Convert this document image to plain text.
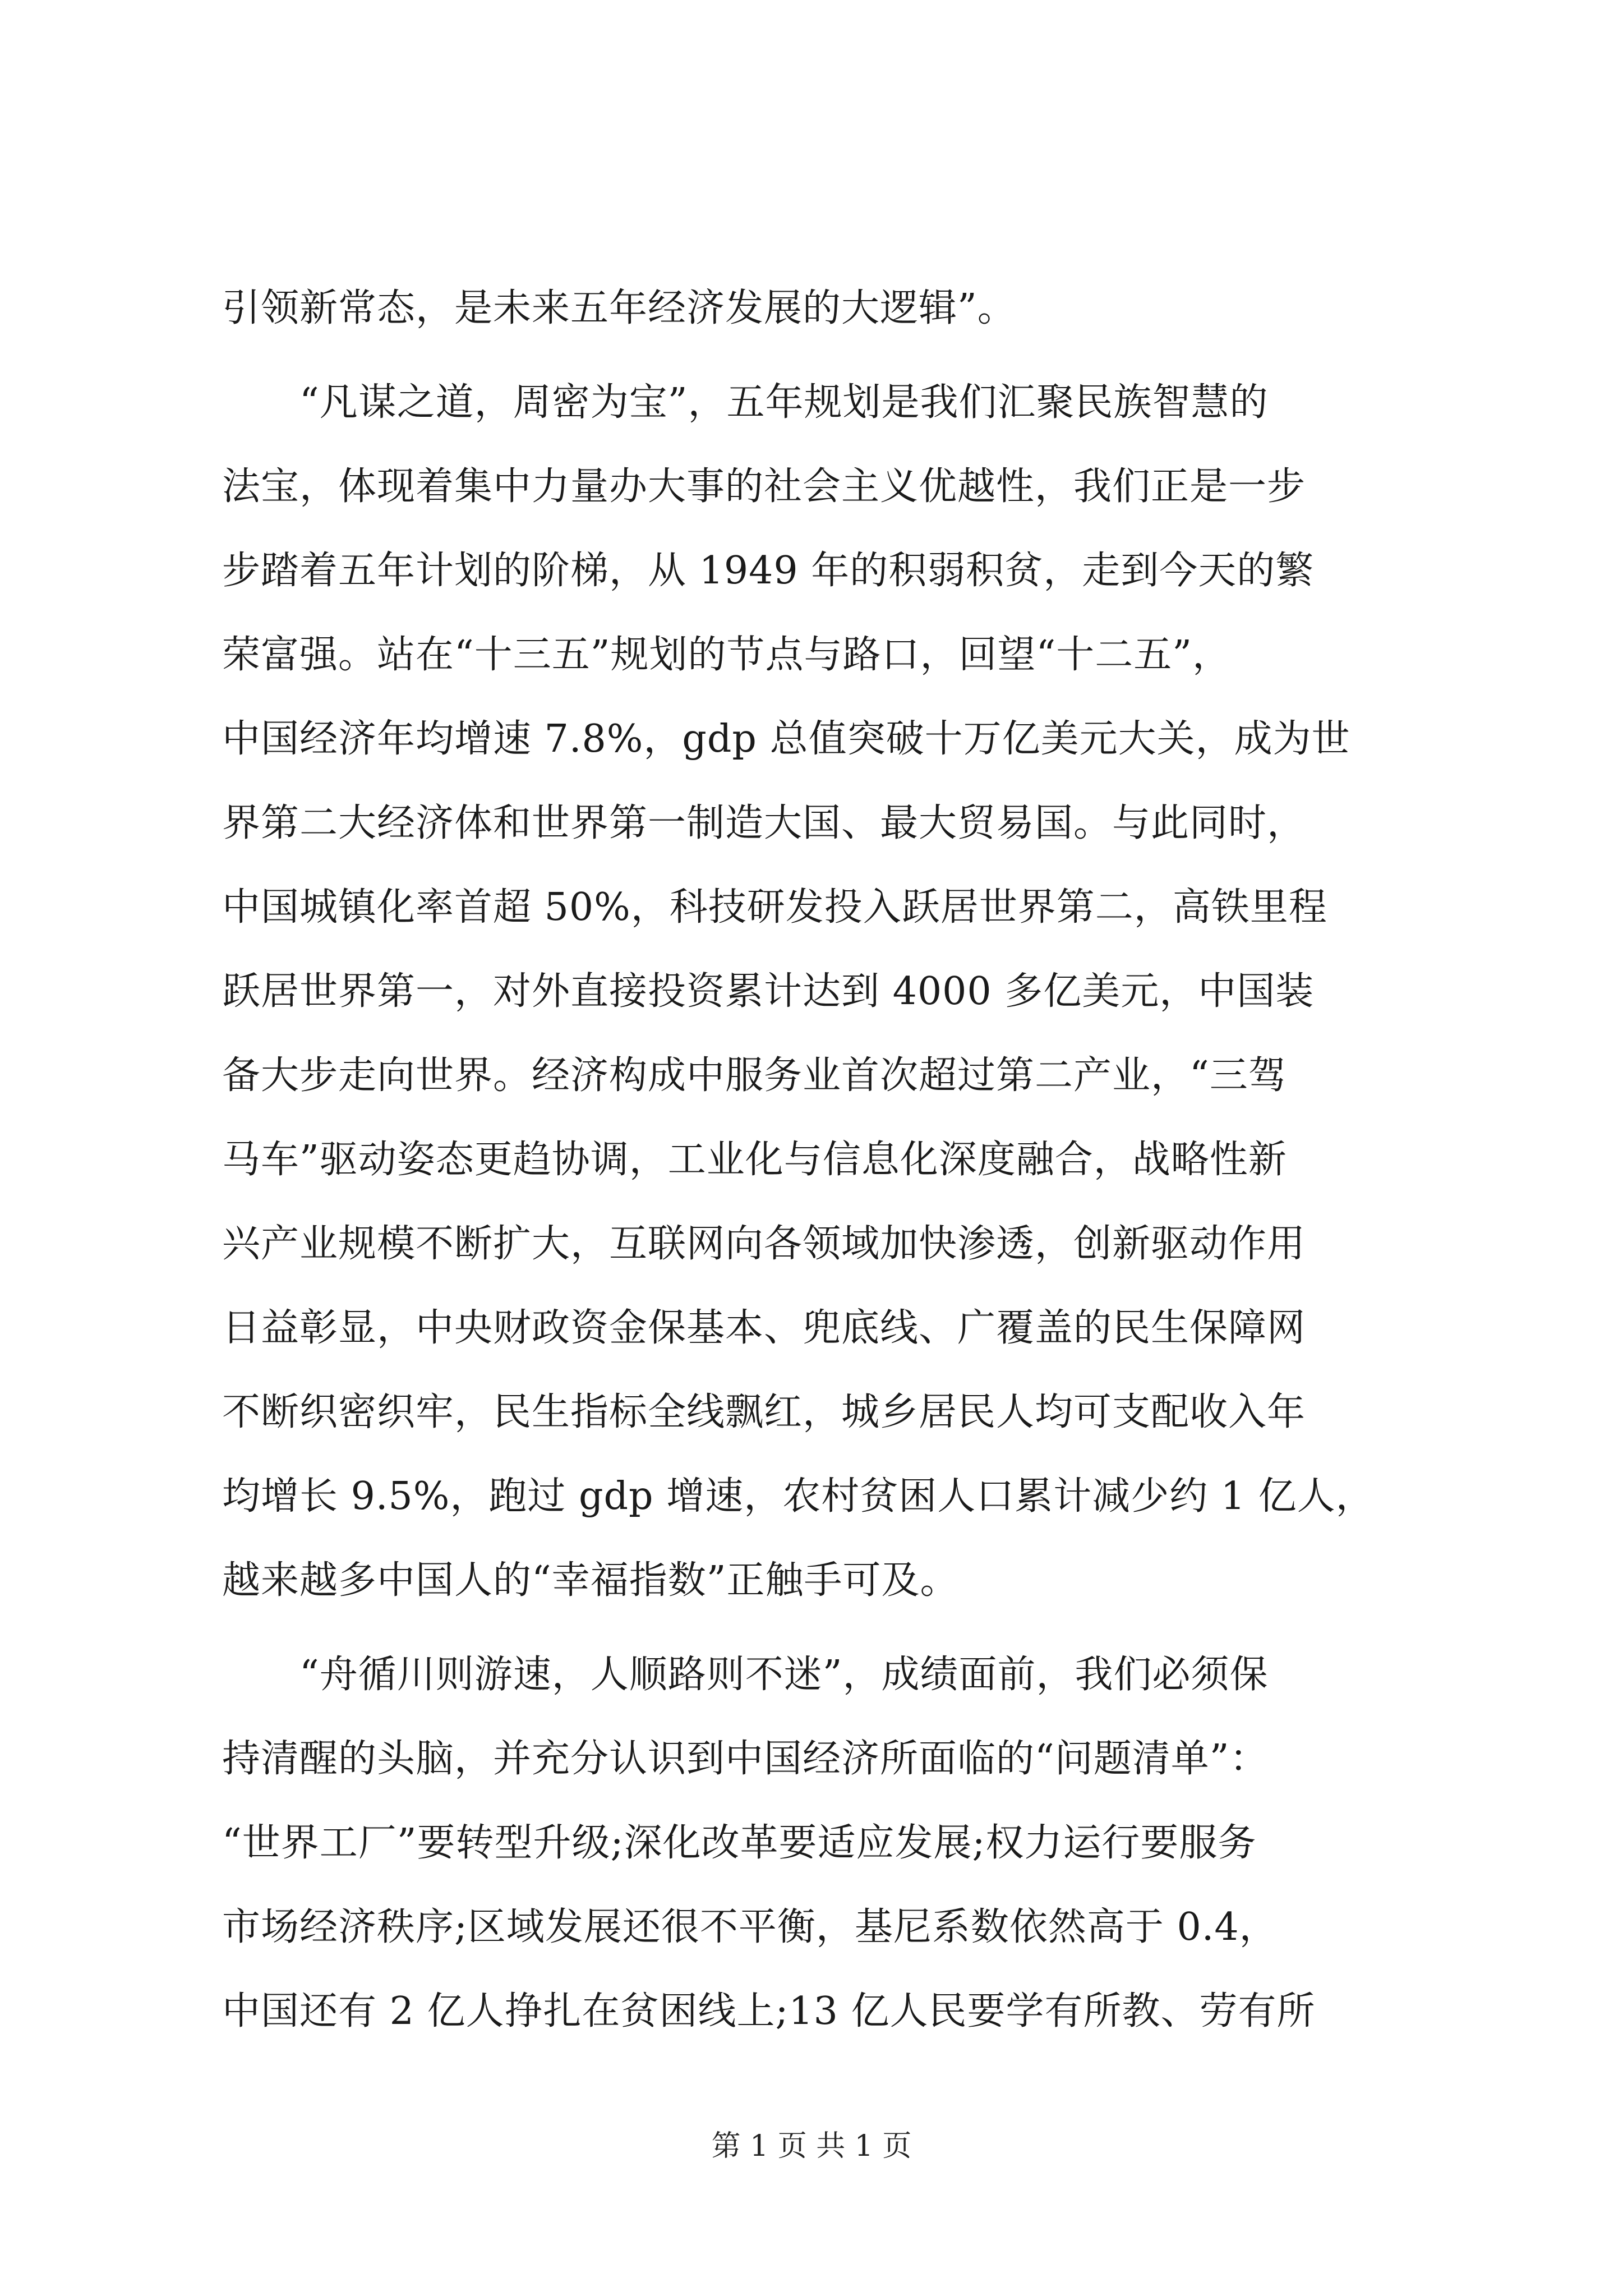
引领新常态，是未来五年经济发展的大逻辑”。
　　“凡谋之道，周密为宝”，五年规划是我们汇聚民族智慧的
法宝，体现着集中力量办大事的社会主义优越性，我们正是一步
步踏着五年计划的阶梯，从 1949 年的积弱积贫，走到今天的繁
荣富强。站在“十三五”规划的节点与路口，回望“十二五”，
中国经济年均增速 7.8%，gdp 总值突破十万亿美元大关，成为世
界第二大经济体和世界第一制造大国、最大贸易国。与此同时，
中国城镇化率首超 50%，科技研发投入跃居世界第二，高铁里程
跃居世界第一，对外直接投资累计达到 4000 多亿美元，中国装
备大步走向世界。经济构成中服务业首次超过第二产业，“三驾
马车”驱动姿态更趋协调，工业化与信息化深度融合，战略性新
兴产业规模不断扩大，互联网向各领域加快渗透，创新驱动作用
日益彰显，中央财政资金保基本、兜底线、广覆盖的民生保障网
不断织密织牢，民生指标全线飘红，城乡居民人均可支配收入年
均增长 9.5%，跑过 gdp 增速，农村贫困人口累计减少约 1 亿人，
越来越多中国人的“幸福指数”正触手可及。
　　“舟循川则游速，人顺路则不迷”，成绩面前，我们必须保
持清醒的头脑，并充分认识到中国经济所面临的“问题清单”：
“世界工厂”要转型升级;深化改革要适应发展;权力运行要服务
市场经济秩序;区域发展还很不平衡，基尼系数依然高于 0.4，
中国还有 2 亿人挣扎在贫困线上;13 亿人民要学有所教、劳有所
第 1 页 共 1 页
